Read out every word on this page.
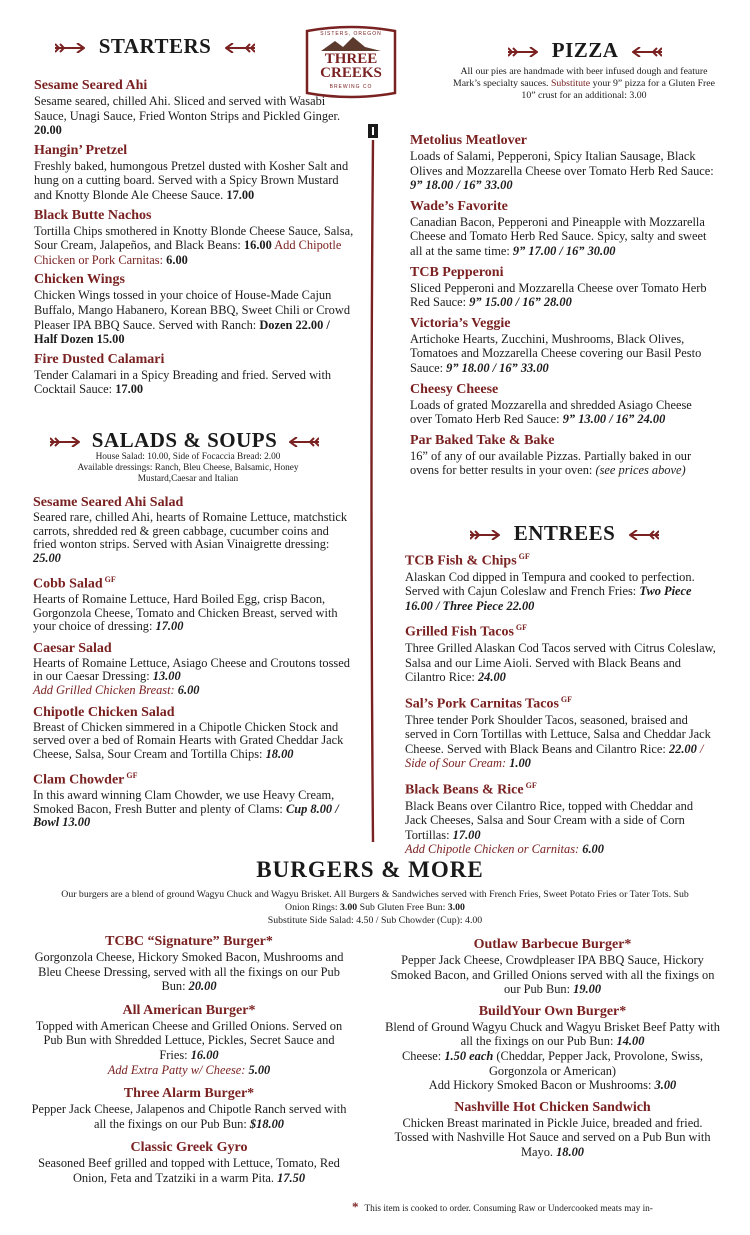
STARTERS	SISTERS, OREGON
THREE
CREEKS
BREWING CO
PIZZA
All our pies are handmade with beer infused dough and feature Mark’s specialty sauces. Substitute your 9” pizza for a Gluten Free 10” crust for an additional: 3.00
Sesame Seared Ahi
Sesame seared, chilled Ahi. Sliced and served with Wasabi Sauce, Unagi Sauce, Fried Wonton Strips and Pickled Ginger. 20.00
Hangin’ Pretzel
Freshly baked, humongous Pretzel dusted with Kosher Salt and hung on a cutting board. Served with a Spicy Brown Mustard and Knotty Blonde Ale Cheese Sauce. 17.00
Black Butte Nachos
Tortilla Chips smothered in Knotty Blonde Cheese Sauce, Salsa, Sour Cream, Jalapeños, and Black Beans: 16.00 Add Chipotle Chicken or Pork Carnitas: 6.00
Chicken Wings
Chicken Wings tossed in your choice of House-Made Cajun Buffalo, Mango Habanero, Korean BBQ, Sweet Chili or Crowd Pleaser IPA BBQ Sauce. Served with Ranch: Dozen 22.00 / Half Dozen 15.00
Fire Dusted Calamari
Tender Calamari in a Spicy Breading and fried. Served with Cocktail Sauce: 17.00
SALADS & SOUPS
House Salad: 10.00, Side of Focaccia Bread: 2.00
Available dressings: Ranch, Bleu Cheese, Balsamic, Honey Mustard,Caesar and Italian
Sesame Seared Ahi Salad
Seared rare, chilled Ahi, hearts of Romaine Lettuce, matchstick carrots, shredded red & green cabbage, cucumber coins and fried wonton strips. Served with Asian Vinaigrette dressing: 25.00
Cobb Salad $^{GF}$
Hearts of Romaine Lettuce, Hard Boiled Egg, crisp Bacon, Gorgonzola Cheese, Tomato and Chicken Breast, served with your choice of dressing: 17.00
Caesar Salad
Hearts of Romaine Lettuce, Asiago Cheese and Croutons tossed in our Caesar Dressing: 13.00
Add Grilled Chicken Breast: 6.00
Chipotle Chicken Salad
Breast of Chicken simmered in a Chipotle Chicken Stock and served over a bed of Romain Hearts with Grated Cheddar Jack Cheese, Salsa, Sour Cream and Tortilla Chips: 18.00
Clam Chowder $^{GF}$
In this award winning Clam Chowder, we use Heavy Cream, Smoked Bacon, Fresh Butter and plenty of Clams: Cup 8.00 / Bowl 13.00
Metolius Meatlover
Loads of Salami, Pepperoni, Spicy Italian Sausage, Black Olives and Mozzarella Cheese over Tomato Herb Red Sauce: 9” 18.00 / 16” 33.00
Wade’s Favorite
Canadian Bacon, Pepperoni and Pineapple with Mozzarella Cheese and Tomato Herb Red Sauce. Spicy, salty and sweet all at the same time: 9” 17.00 / 16” 30.00
TCB Pepperoni
Sliced Pepperoni and Mozzarella Cheese over Tomato Herb Red Sauce: 9” 15.00 / 16” 28.00
Victoria’s Veggie
Artichoke Hearts, Zucchini, Mushrooms, Black Olives, Tomatoes and Mozzarella Cheese covering our Basil Pesto Sauce: 9” 18.00 / 16” 33.00
Cheesy Cheese
Loads of grated Mozzarella and shredded Asiago Cheese over Tomato Herb Red Sauce: 9” 13.00 / 16” 24.00
Par Baked Take & Bake
16” of any of our available Pizzas. Partially baked in our ovens for better results in your oven: (see prices above)
ENTREES
TCB Fish & Chips $^{GF}$
Alaskan Cod dipped in Tempura and cooked to perfection. Served with Cajun Coleslaw and French Fries: Two Piece 16.00 / Three Piece 22.00
Grilled Fish Tacos $^{GF}$
Three Grilled Alaskan Cod Tacos served with Citrus Coleslaw, Salsa and our Lime Aioli. Served with Black Beans and Cilantro Rice: 24.00
Sal’s Pork Carnitas Tacos $^{GF}$
Three tender Pork Shoulder Tacos, seasoned, braised and served in Corn Tortillas with Lettuce, Salsa and Cheddar Jack Cheese. Served with Black Beans and Cilantro Rice: 22.00 / Side of Sour Cream: 1.00
Black Beans & Rice $^{GF}$
Black Beans over Cilantro Rice, topped with Cheddar and Jack Cheeses, Salsa and Sour Cream with a side of Corn Tortillas: 17.00
Add Chipotle Chicken or Carnitas: 6.00
BURGERS & MORE
Our burgers are a blend of ground Wagyu Chuck and Wagyu Brisket. All Burgers & Sandwiches served with French Fries, Sweet Potato Fries or Tater Tots. Sub Onion Rings: 3.00 Sub Gluten Free Bun: 3.00
Substitute Side Salad: 4.50 / Sub Chowder (Cup): 4.00
TCBC “Signature” Burger*
Gorgonzola Cheese, Hickory Smoked Bacon, Mushrooms and Bleu Cheese Dressing, served with all the fixings on our Pub Bun: 20.00
All American Burger*
Topped with American Cheese and Grilled Onions. Served on Pub Bun with Shredded Lettuce, Pickles, Secret Sauce and Fries: 16.00
Add Extra Patty w/ Cheese: 5.00
Three Alarm Burger*
Pepper Jack Cheese, Jalapenos and Chipotle Ranch served with all the fixings on our Pub Bun: $18.00
Classic Greek Gyro
Seasoned Beef grilled and topped with Lettuce, Tomato, Red Onion, Feta and Tzatziki in a warm Pita. 17.50
Outlaw Barbecue Burger*
Pepper Jack Cheese, Crowdpleaser IPA BBQ Sauce, Hickory Smoked Bacon, and Grilled Onions served with all the fixings on our Pub Bun: 19.00
BuildYour Own Burger*
Blend of Ground Wagyu Chuck and Wagyu Brisket Beef Patty with all the fixings on our Pub Bun: 14.00
Cheese: 1.50 each (Cheddar, Pepper Jack, Provolone, Swiss, Gorgonzola or American)
Add Hickory Smoked Bacon or Mushrooms: 3.00
Nashville Hot Chicken Sandwich
Chicken Breast marinated in Pickle Juice, breaded and fried. Tossed with Nashville Hot Sauce and served on a Pub Bun with Mayo. 18.00
* This item is cooked to order. Consuming Raw or Undercooked meats may in-
